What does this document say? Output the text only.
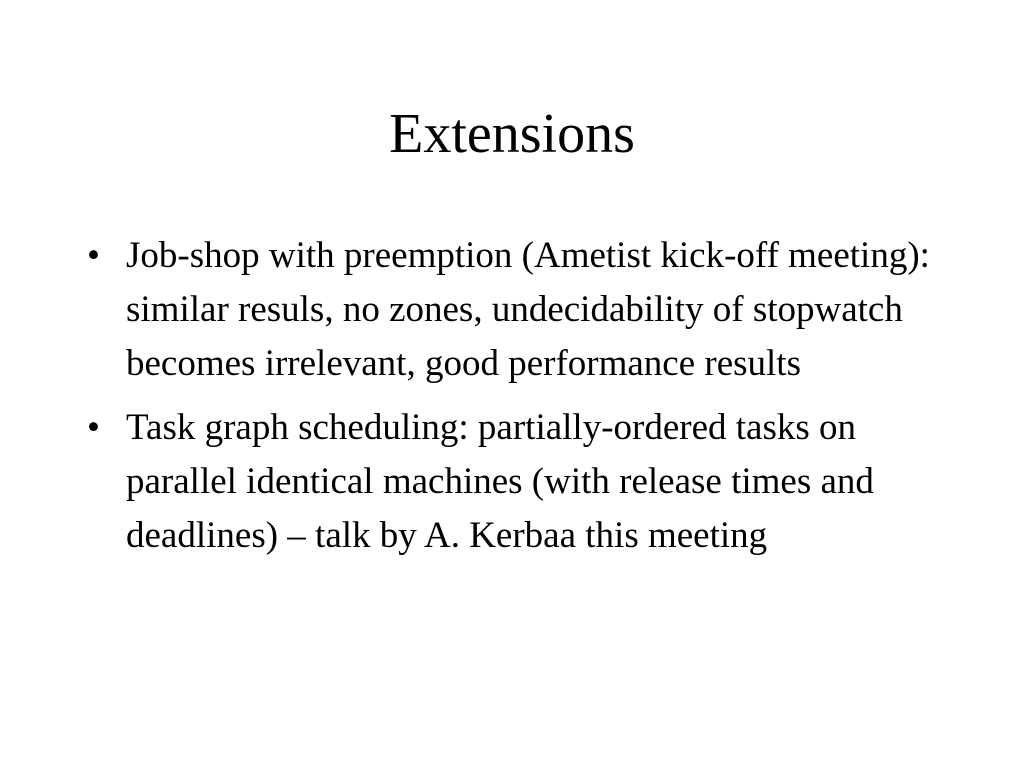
Extensions
• Job-shop with preemption (Ametist kick-off meeting): similar resuls, no zones, undecidability of stopwatch becomes irrelevant, good performance results
• Task graph scheduling: partially-ordered tasks on parallel identical machines (with release times and deadlines) – talk by A. Kerbaa this meeting
